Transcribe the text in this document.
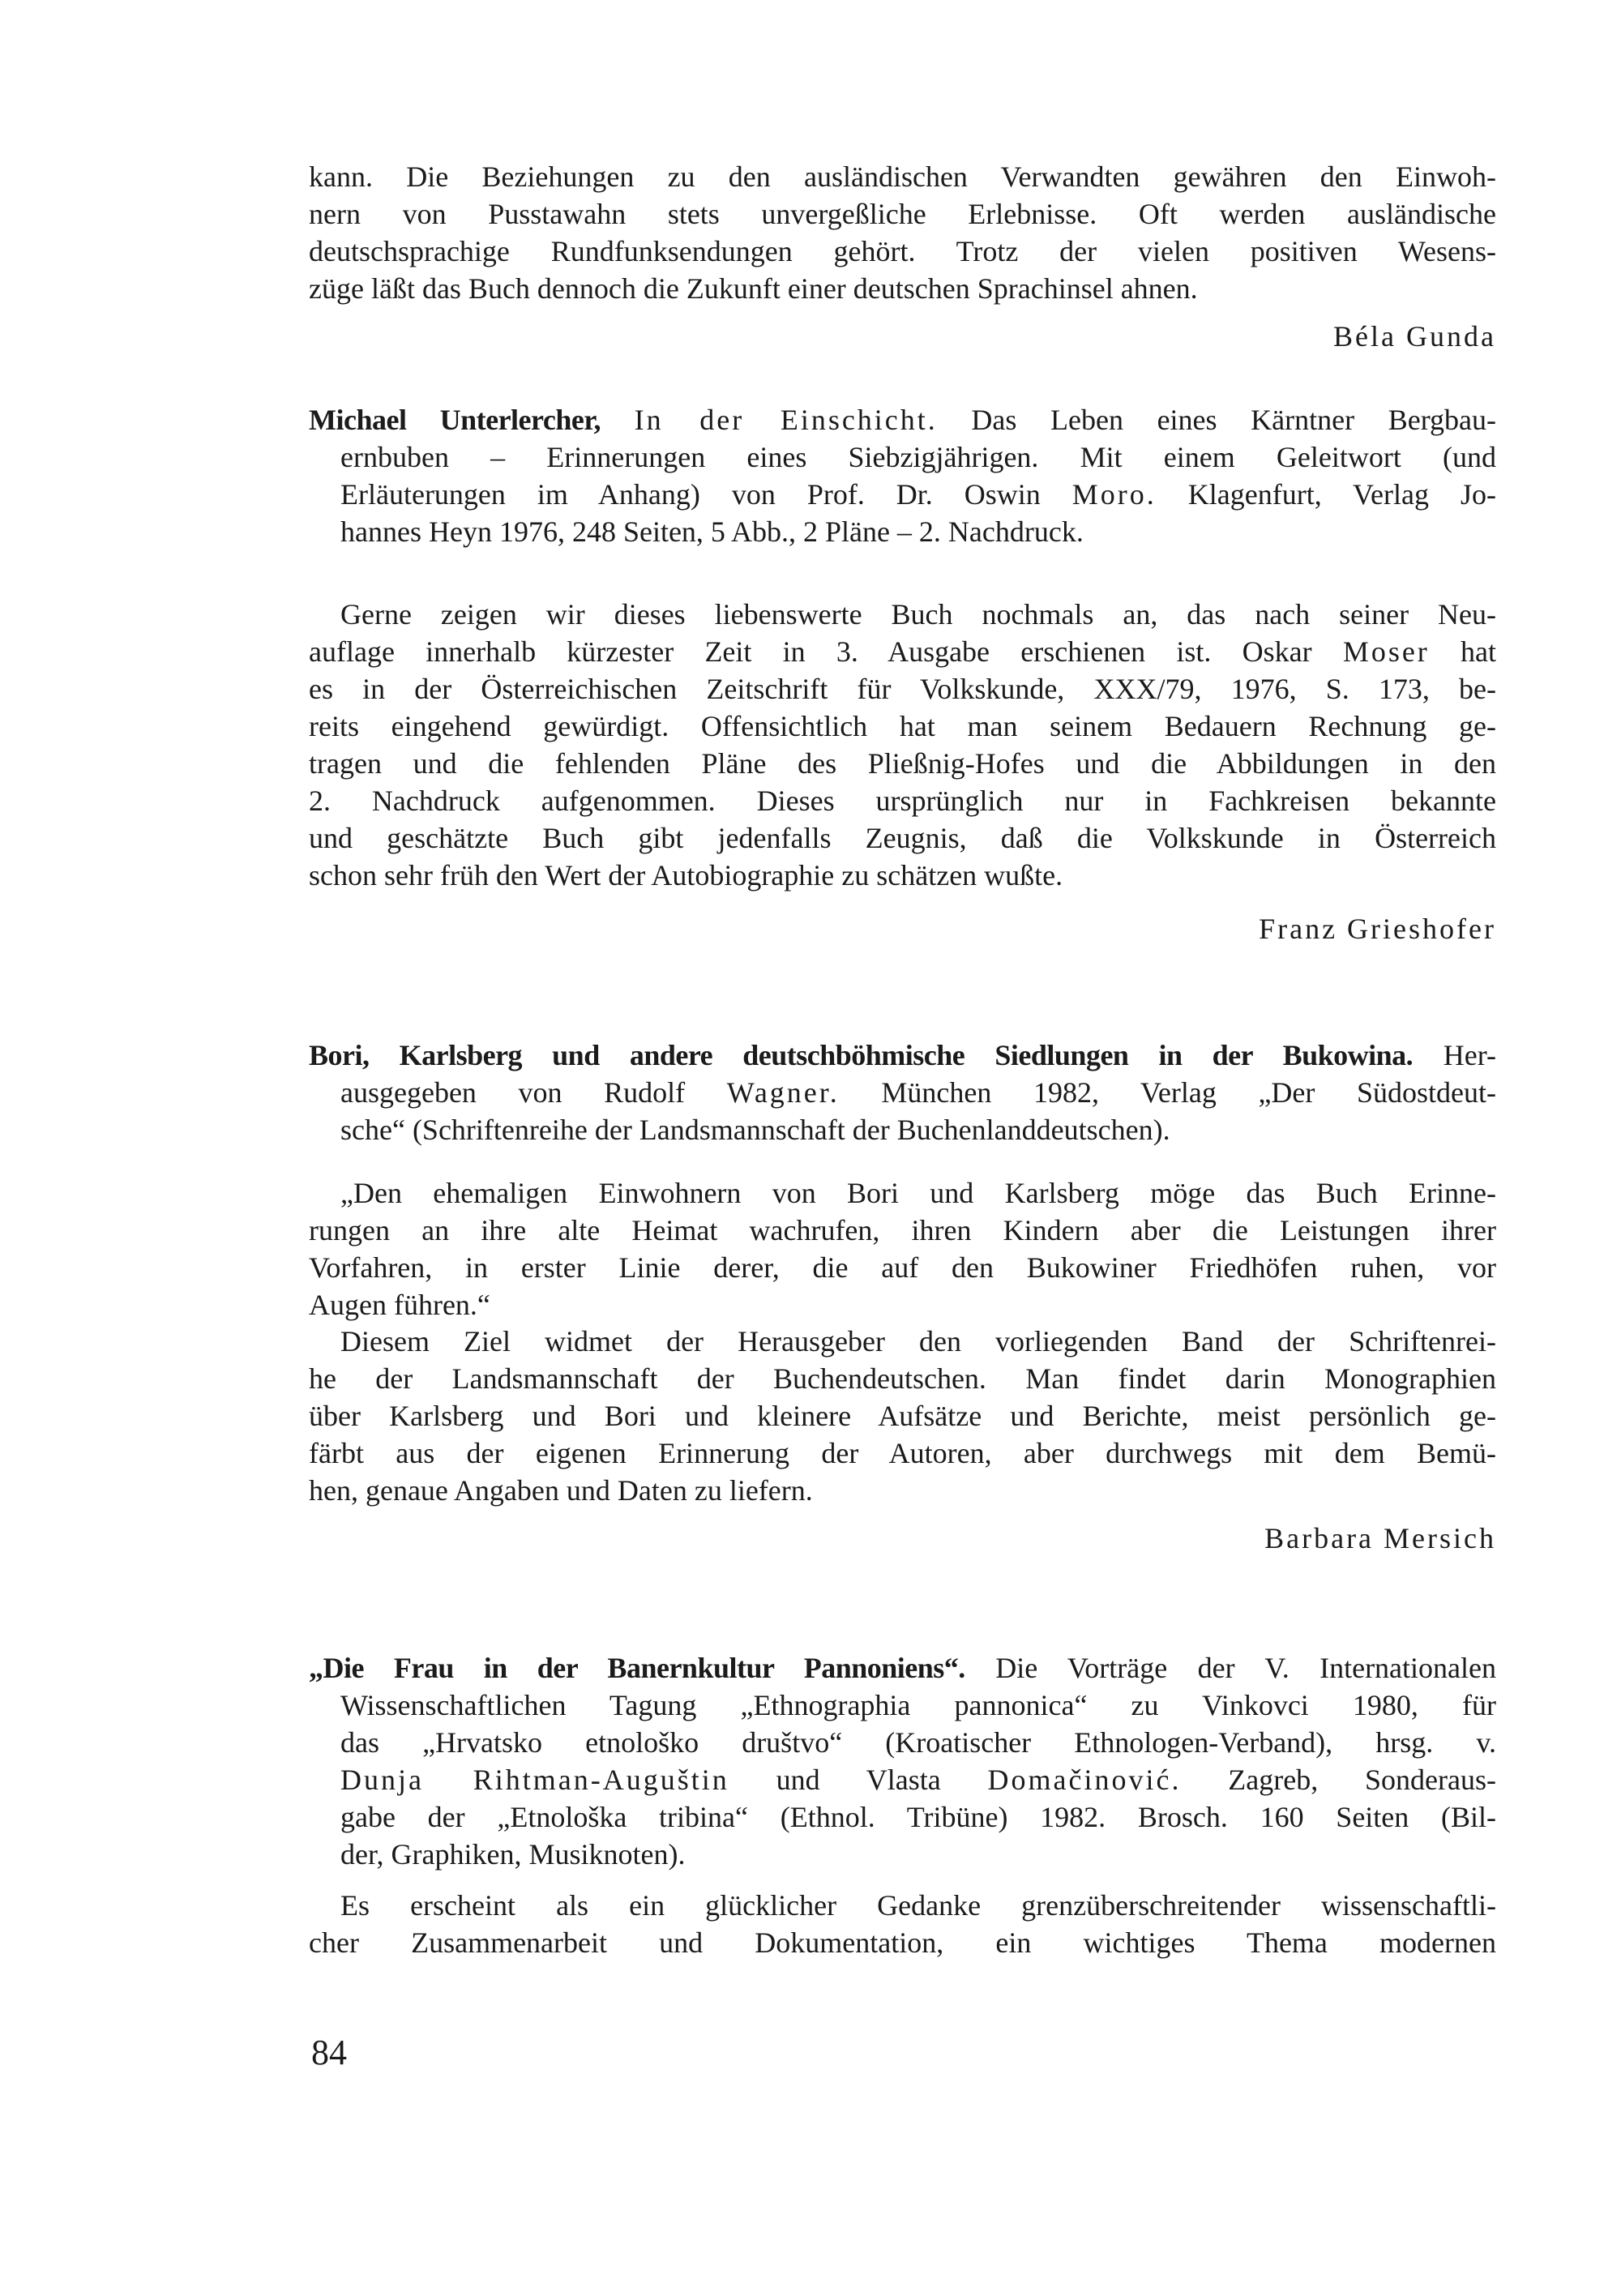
kann. Die Beziehungen zu den ausländischen Verwandten gewähren den Einwoh-
nern von Pusstawahn stets unvergeßliche Erlebnisse. Oft werden ausländische
deutschsprachige Rundfunksendungen gehört. Trotz der vielen positiven Wesens-
züge läßt das Buch dennoch die Zukunft einer deutschen Sprachinsel ahnen.
Béla Gunda
Michael Unterlercher, In der Einschicht. Das Leben eines Kärntner Bergbau-
ernbuben – Erinnerungen eines Siebzigjährigen. Mit einem Geleitwort (und
Erläuterungen im Anhang) von Prof. Dr. Oswin Moro. Klagenfurt, Verlag Jo-
hannes Heyn 1976, 248 Seiten, 5 Abb., 2 Pläne – 2. Nachdruck.
Gerne zeigen wir dieses liebenswerte Buch nochmals an, das nach seiner Neu-
auflage innerhalb kürzester Zeit in 3. Ausgabe erschienen ist. Oskar Moser hat
es in der Österreichischen Zeitschrift für Volkskunde, XXX/79, 1976, S. 173, be-
reits eingehend gewürdigt. Offensichtlich hat man seinem Bedauern Rechnung ge-
tragen und die fehlenden Pläne des Pließnig-Hofes und die Abbildungen in den
2. Nachdruck aufgenommen. Dieses ursprünglich nur in Fachkreisen bekannte
und geschätzte Buch gibt jedenfalls Zeugnis, daß die Volkskunde in Österreich
schon sehr früh den Wert der Autobiographie zu schätzen wußte.
Franz Grieshofer
Bori, Karlsberg und andere deutschböhmische Siedlungen in der Bukowina. Her-
ausgegeben von Rudolf Wagner. München 1982, Verlag „Der Südostdeut-
sche“ (Schriftenreihe der Landsmannschaft der Buchenlanddeutschen).
„Den ehemaligen Einwohnern von Bori und Karlsberg möge das Buch Erinne-
rungen an ihre alte Heimat wachrufen, ihren Kindern aber die Leistungen ihrer
Vorfahren, in erster Linie derer, die auf den Bukowiner Friedhöfen ruhen, vor
Augen führen.“
Diesem Ziel widmet der Herausgeber den vorliegenden Band der Schriftenrei-
he der Landsmannschaft der Buchendeutschen. Man findet darin Monographien
über Karlsberg und Bori und kleinere Aufsätze und Berichte, meist persönlich ge-
färbt aus der eigenen Erinnerung der Autoren, aber durchwegs mit dem Bemü-
hen, genaue Angaben und Daten zu liefern.
Barbara Mersich
„Die Frau in der Banernkultur Pannoniens“. Die Vorträge der V. Internationalen
Wissenschaftlichen Tagung „Ethnographia pannonica“ zu Vinkovci 1980, für
das „Hrvatsko etnološko društvo“ (Kroatischer Ethnologen-Verband), hrsg. v.
Dunja Rihtman-Auguštin und Vlasta Domačinović. Zagreb, Sonderaus-
gabe der „Etnološka tribina“ (Ethnol. Tribüne) 1982. Brosch. 160 Seiten (Bil-
der, Graphiken, Musiknoten).
Es erscheint als ein glücklicher Gedanke grenzüberschreitender wissenschaftli-
cher Zusammenarbeit und Dokumentation, ein wichtiges Thema modernen
84
